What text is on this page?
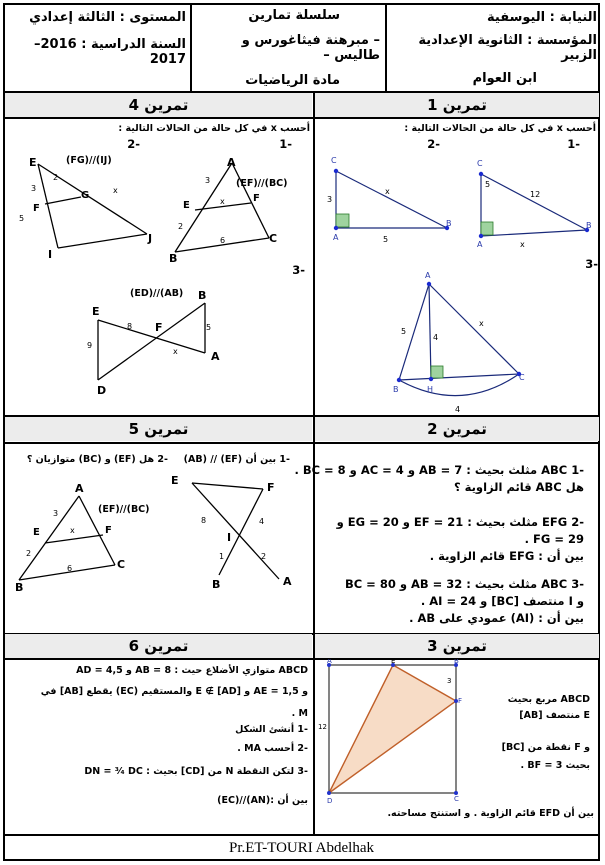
النيابة : اليوسفية
المؤسسة : الثانوية الإعدادية الزبير
ابن العوام
سلسلة تمارين
– مبرهنة فيثاغورس و طاليس –
مادة الرياضيات
المستوى : الثالثة إعدادي
السنة الدراسية : 2016–2017
تمرين 1
تمرين 4
تمرين 2
تمرين 5
تمرين 3
تمرين 6
أحسب x في كل حالة من الحالات التالية :
-1
-2
-3
C
A
B
5
x
12
C
A
B
3
5
x
A
B	H
C
5
4
x
4
أحسب x في كل حالة من الحالات التالية :
-1
-2
-3
(EF)//(BC)
(FG)//(IJ)
(ED)//(AB)
A
B
C
E
F
3
2
6
x
E
I
J
F
G
3
2
5
x
E
D
B
A
F
9
8	5
x
-1 ABC مثلث بحيث : AB = 7 و AC = 4 و BC = 8 .
هل ABC قائم الزاوية ؟
-2 EFG مثلث بحيث : EF = 21 و EG = 20 و
FG = 29 .
بين أن : EFG قائم الزاوية .
-3 ABC مثلث بحيث : AB = 32 و BC = 80
و I منتصف [BC] و AI = 24 .
بين أن : (AI) عمودي على AB .
-1 بين أن (EF) // (AB)
-2 هل (EF) و (BC) متوازيان ؟
(EF)//(BC)
A
B
C
E	F
3
2
6
x
E
F
B	A
I
8	4
1	2
A	E	B
F
C
D
12
3
ABCD مربع بحيث
E منتصف [AB]
و F نقطة من [BC]
بحيث BF = 3 .
بين أن EFD قائم الزاوية . و استنتج مساحته.
ABCD متوازي الأضلاع حيث : AB = 8 و AD = 4,5
و AE = 1,5 و E ∉ [AD] والمستقيم (EC) يقطع [AB] في
M .
-1 أنشئ الشكل
-2 أحسب MA .
-3 لتكن النقطة N من [CD] بحيث : DN = ³⁄₄ DC
بين أن :(AN)//(EC)
Pr.ET-TOURI Abdelhak
